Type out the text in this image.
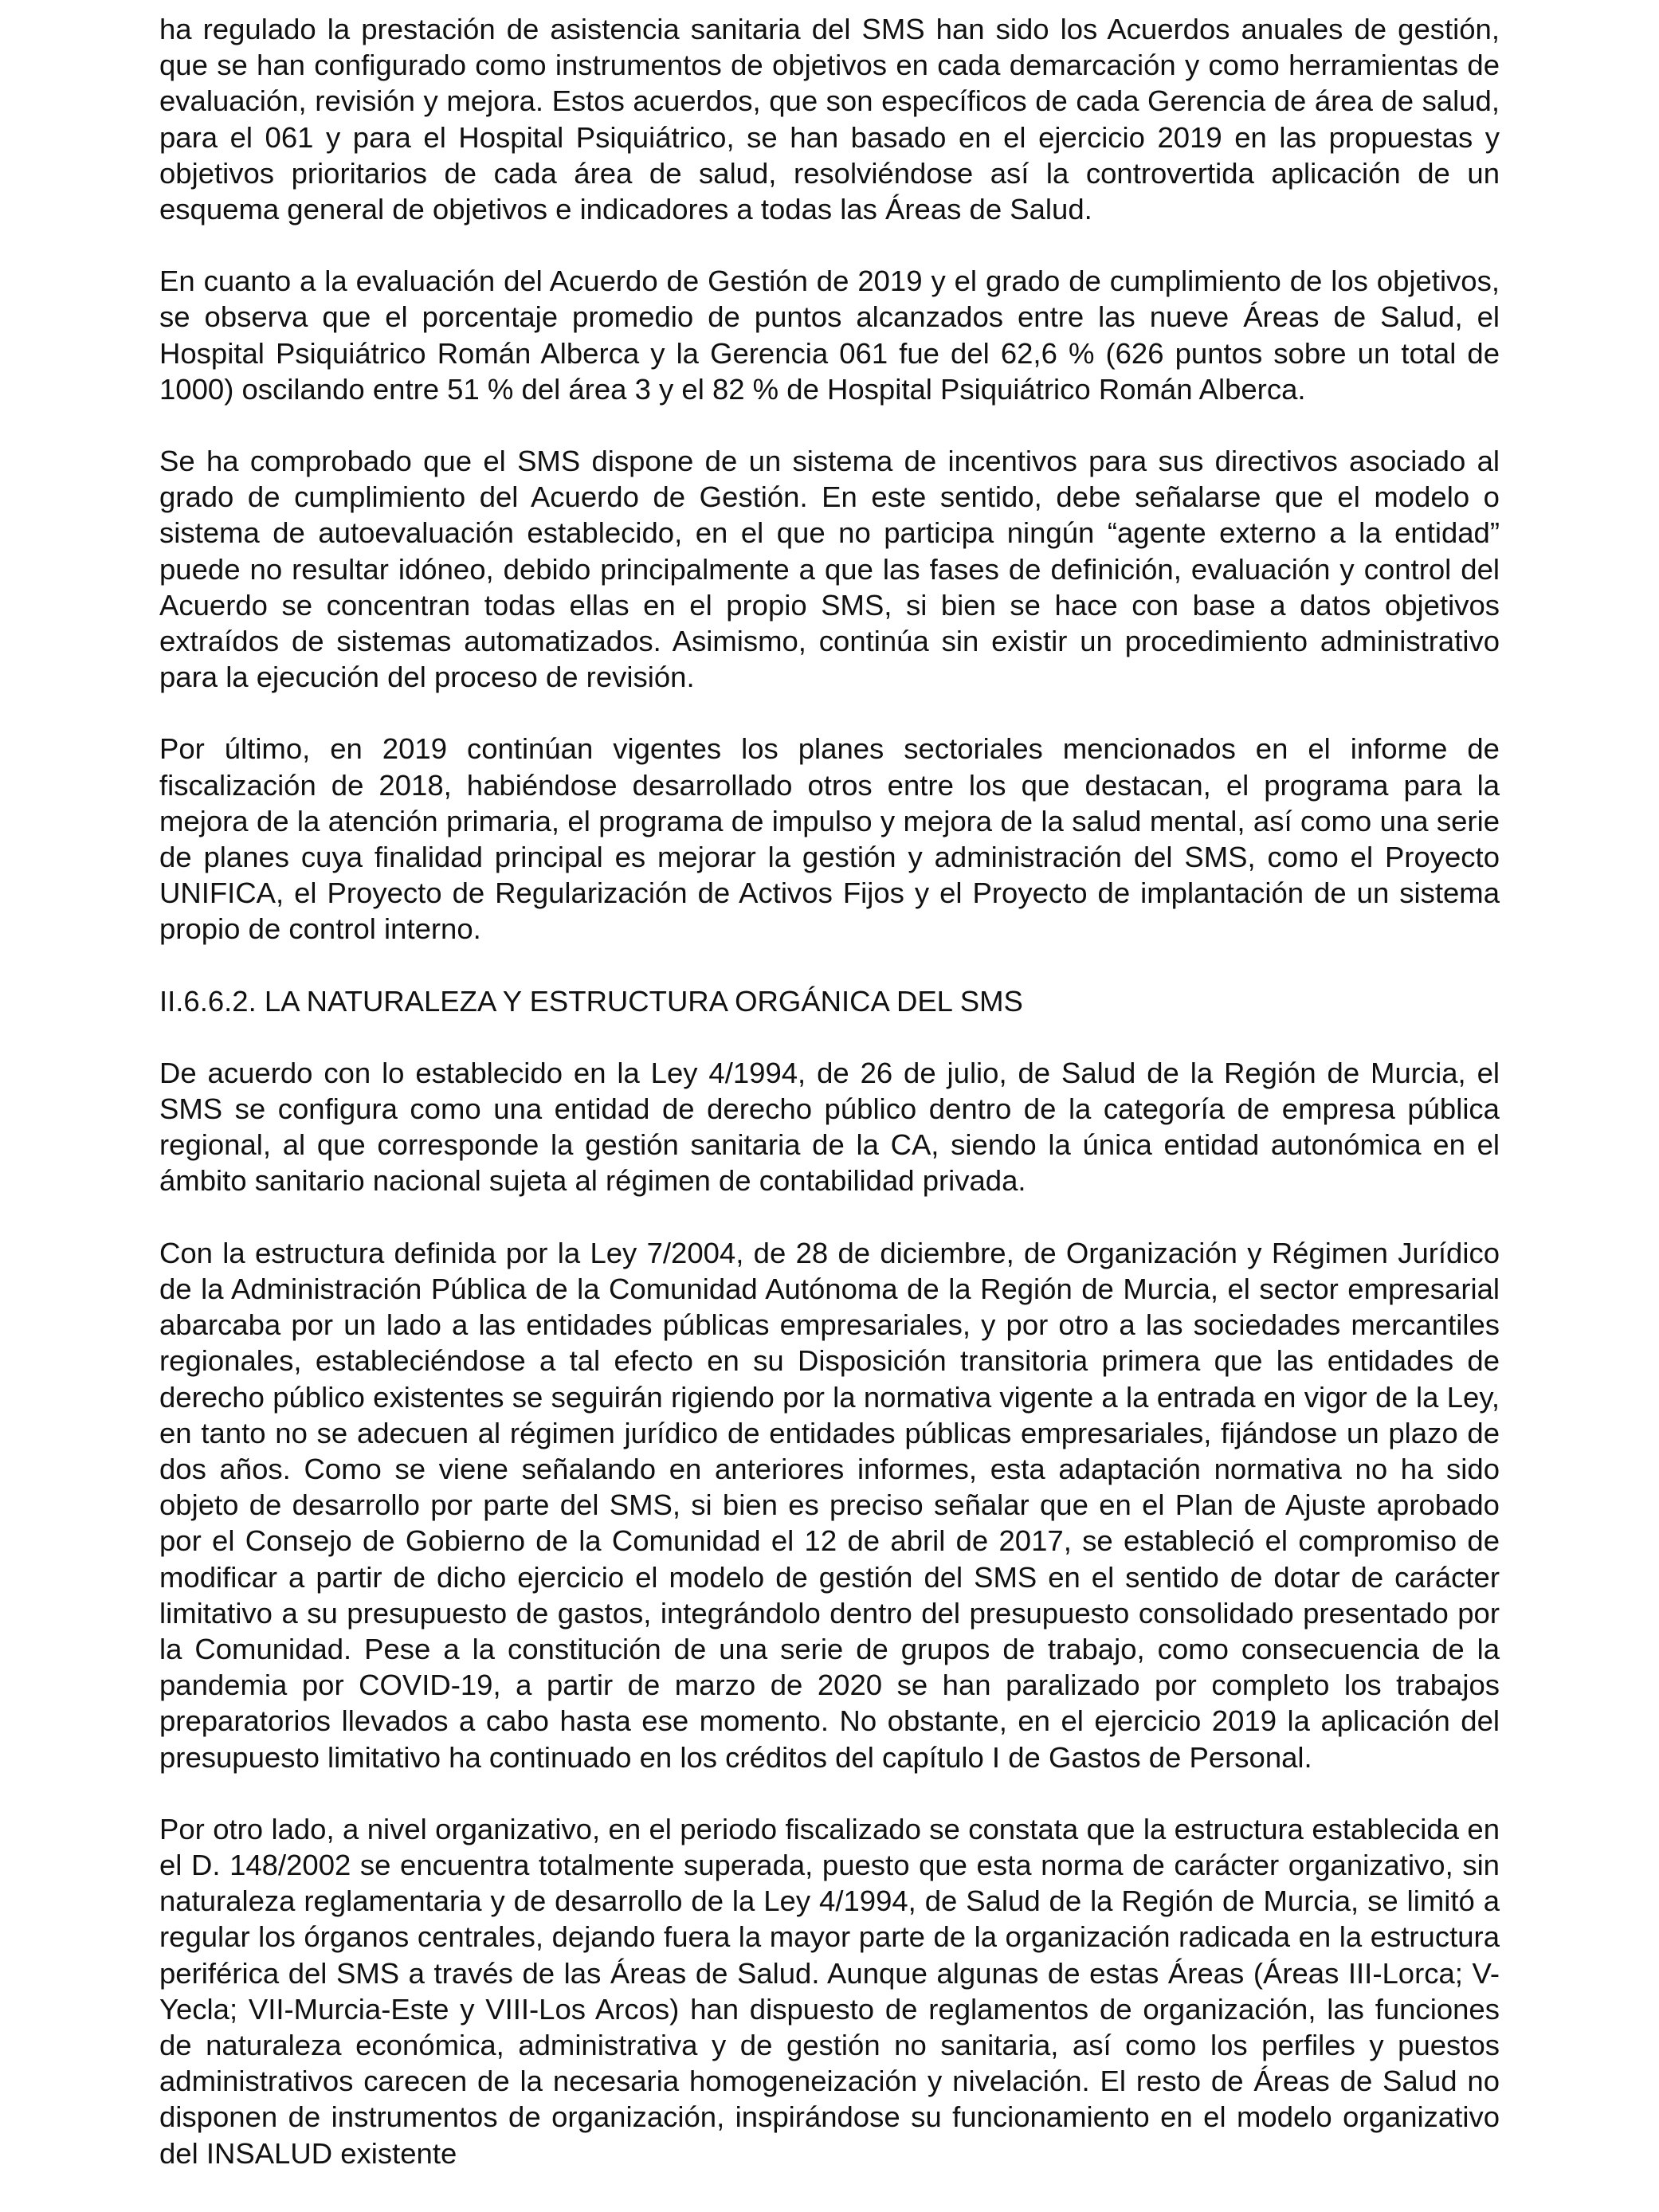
ha regulado la prestación de asistencia sanitaria del SMS han sido los Acuerdos anuales de gestión, que se han configurado como instrumentos de objetivos en cada demarcación y como herramientas de evaluación, revisión y mejora. Estos acuerdos, que son específicos de cada Gerencia de área de salud, para el 061 y para el Hospital Psiquiátrico, se han basado en el ejercicio 2019 en las propuestas y objetivos prioritarios de cada área de salud, resolviéndose así la controvertida aplicación de un esquema general de objetivos e indicadores a todas las Áreas de Salud.

En cuanto a la evaluación del Acuerdo de Gestión de 2019 y el grado de cumplimiento de los objetivos, se observa que el porcentaje promedio de puntos alcanzados entre las nueve Áreas de Salud, el Hospital Psiquiátrico Román Alberca y la Gerencia 061 fue del 62,6 % (626 puntos sobre un total de 1000) oscilando entre 51 % del área 3 y el 82 % de Hospital Psiquiátrico Román Alberca.

Se ha comprobado que el SMS dispone de un sistema de incentivos para sus directivos asociado al grado de cumplimiento del Acuerdo de Gestión. En este sentido, debe señalarse que el modelo o sistema de autoevaluación establecido, en el que no participa ningún “agente externo a la entidad” puede no resultar idóneo, debido principalmente a que las fases de definición, evaluación y control del Acuerdo se concentran todas ellas en el propio SMS, si bien se hace con base a datos objetivos extraídos de sistemas automatizados. Asimismo, continúa sin existir un procedimiento administrativo para la ejecución del proceso de revisión.

Por último, en 2019 continúan vigentes los planes sectoriales mencionados en el informe de fiscalización de 2018, habiéndose desarrollado otros entre los que destacan, el programa para la mejora de la atención primaria, el programa de impulso y mejora de la salud mental, así como una serie de planes cuya finalidad principal es mejorar la gestión y administración del SMS, como el Proyecto UNIFICA, el Proyecto de Regularización de Activos Fijos y el Proyecto de implantación de un sistema propio de control interno.

II.6.6.2. LA NATURALEZA Y ESTRUCTURA ORGÁNICA DEL SMS

De acuerdo con lo establecido en la Ley 4/1994, de 26 de julio, de Salud de la Región de Murcia, el SMS se configura como una entidad de derecho público dentro de la categoría de empresa pública regional, al que corresponde la gestión sanitaria de la CA, siendo la única entidad autonómica en el ámbito sanitario nacional sujeta al régimen de contabilidad privada.

Con la estructura definida por la Ley 7/2004, de 28 de diciembre, de Organización y Régimen Jurídico de la Administración Pública de la Comunidad Autónoma de la Región de Murcia, el sector empresarial abarcaba por un lado a las entidades públicas empresariales, y por otro a las sociedades mercantiles regionales, estableciéndose a tal efecto en su Disposición transitoria primera que las entidades de derecho público existentes se seguirán rigiendo por la normativa vigente a la entrada en vigor de la Ley, en tanto no se adecuen al régimen jurídico de entidades públicas empresariales, fijándose un plazo de dos años. Como se viene señalando en anteriores informes, esta adaptación normativa no ha sido objeto de desarrollo por parte del SMS, si bien es preciso señalar que en el Plan de Ajuste aprobado por el Consejo de Gobierno de la Comunidad el 12 de abril de 2017, se estableció el compromiso de modificar a partir de dicho ejercicio el modelo de gestión del SMS en el sentido de dotar de carácter limitativo a su presupuesto de gastos, integrándolo dentro del presupuesto consolidado presentado por la Comunidad. Pese a la constitución de una serie de grupos de trabajo, como consecuencia de la pandemia por COVID-19, a partir de marzo de 2020 se han paralizado por completo los trabajos preparatorios llevados a cabo hasta ese momento. No obstante, en el ejercicio 2019 la aplicación del presupuesto limitativo ha continuado en los créditos del capítulo I de Gastos de Personal.

Por otro lado, a nivel organizativo, en el periodo fiscalizado se constata que la estructura establecida en el D. 148/2002 se encuentra totalmente superada, puesto que esta norma de carácter organizativo, sin naturaleza reglamentaria y de desarrollo de la Ley 4/1994, de Salud de la Región de Murcia, se limitó a regular los órganos centrales, dejando fuera la mayor parte de la organización radicada en la estructura periférica del SMS a través de las Áreas de Salud. Aunque algunas de estas Áreas (Áreas III-Lorca; V-Yecla; VII-Murcia-Este y VIII-Los Arcos) han dispuesto de reglamentos de organización, las funciones de naturaleza económica, administrativa y de gestión no sanitaria, así como los perfiles y puestos administrativos carecen de la necesaria homogeneización y nivelación. El resto de Áreas de Salud no disponen de instrumentos de organización, inspirándose su funcionamiento en el modelo organizativo del INSALUD existente
